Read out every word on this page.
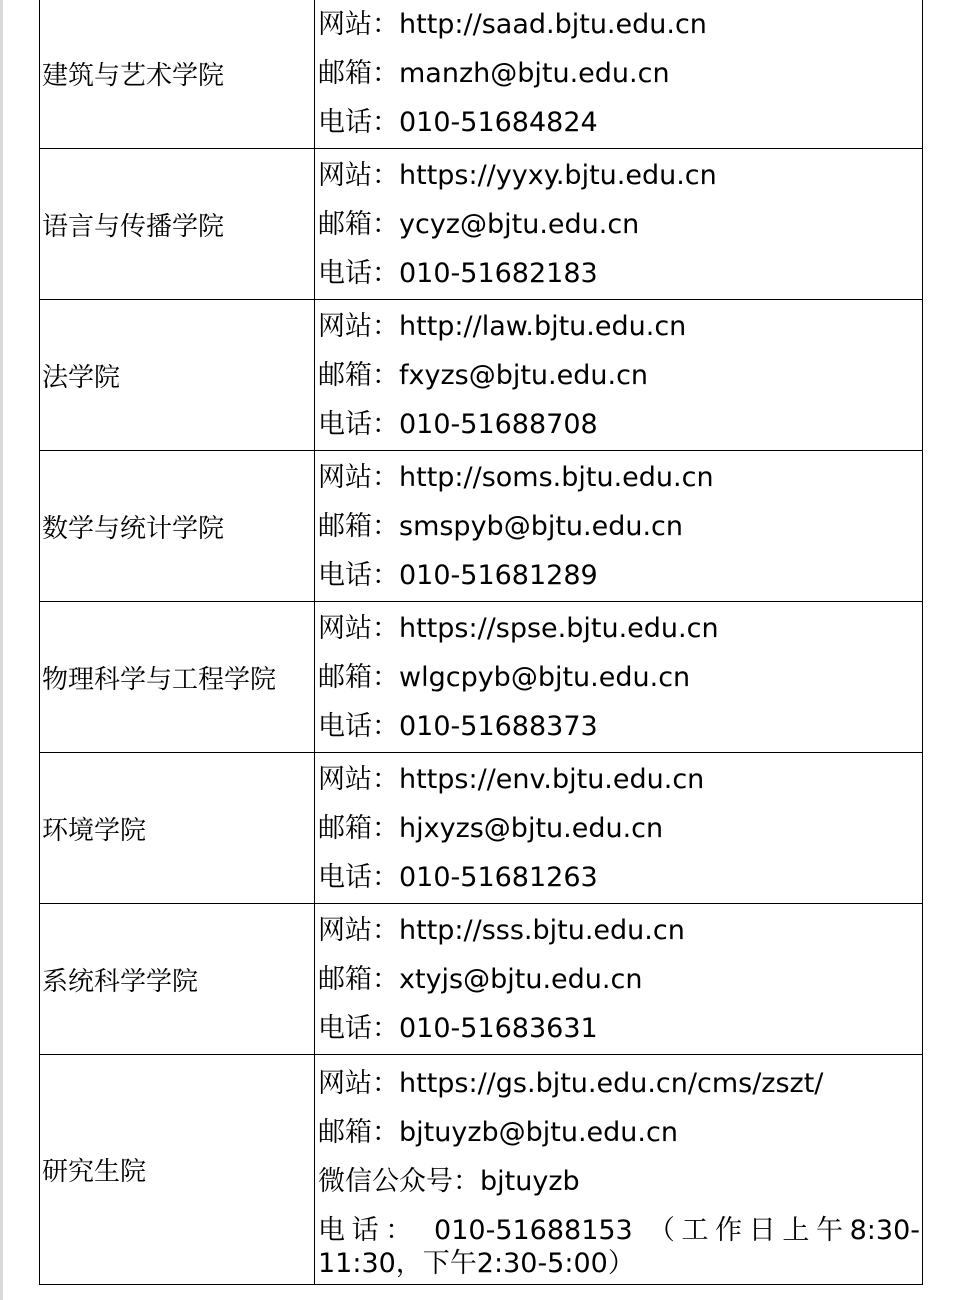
建筑与艺术学院	网站：http://saad.bjtu.edu.cn
邮箱：manzh@bjtu.edu.cn
电话：010-51684824

语言与传播学院	网站：https://yyxy.bjtu.edu.cn
邮箱：ycyz@bjtu.edu.cn
电话：010-51682183

法学院	网站：http://law.bjtu.edu.cn
邮箱：fxyzs@bjtu.edu.cn
电话：010-51688708

数学与统计学院	网站：http://soms.bjtu.edu.cn
邮箱：smspyb@bjtu.edu.cn
电话：010-51681289

物理科学与工程学院	网站：https://spse.bjtu.edu.cn
邮箱：wlgcpyb@bjtu.edu.cn
电话：010-51688373

环境学院	网站：https://env.bjtu.edu.cn
邮箱：hjxyzs@bjtu.edu.cn
电话：010-51681263

系统科学学院	网站：http://sss.bjtu.edu.cn
邮箱：xtyjs@bjtu.edu.cn
电话：010-51683631

研究生院	网站：https://gs.bjtu.edu.cn/cms/zszt/
邮箱：bjtuyzb@bjtu.edu.cn
微信公众号：bjtuyzb
电话： 010-51688153 （工作日上午8:30-11:30，下午2:30-5:00）
